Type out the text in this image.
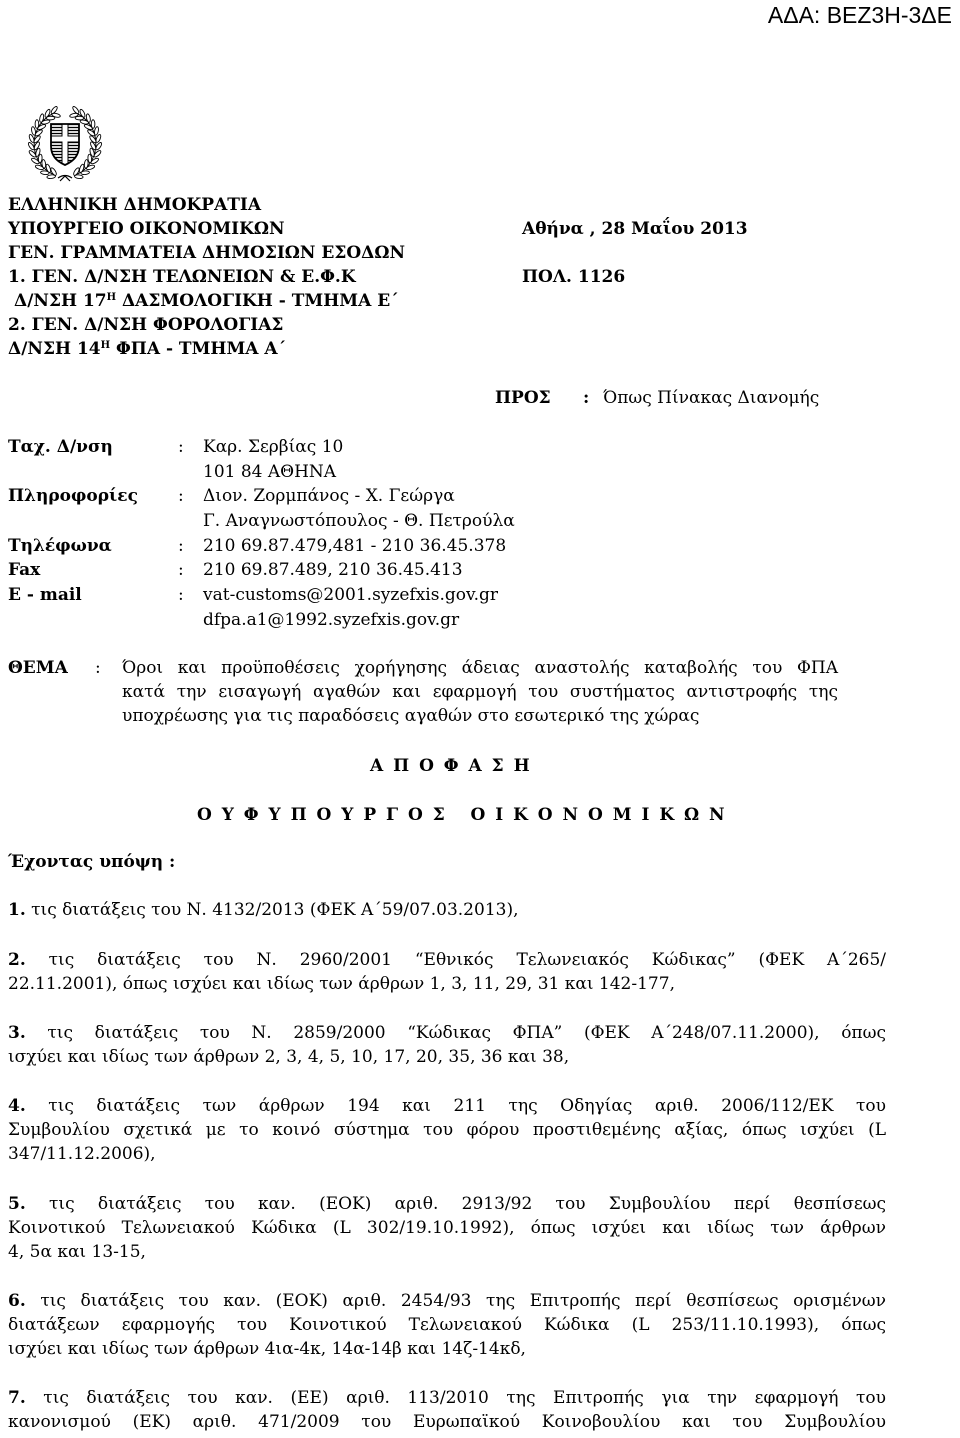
ΑΔΑ: ΒΕΖ3Η-3ΔΕ
ΕΛΛΗΝΙΚΗ ΔΗΜΟΚΡΑΤΙΑ
ΥΠΟΥΡΓΕΙΟ ΟΙΚΟΝΟΜΙΚΩΝ
ΓΕΝ. ΓΡΑΜΜΑΤΕΙΑ ΔΗΜΟΣΙΩΝ ΕΣΟΔΩΝ
1. ΓΕΝ. Δ/ΝΣΗ ΤΕΛΩΝΕΙΩΝ & Ε.Φ.Κ
Δ/ΝΣΗ $17^H$ ΔΑΣΜΟΛΟΓΙΚΗ - ΤΜΗΜΑ Ε΄
2. ΓΕΝ. Δ/ΝΣΗ ΦΟΡΟΛΟΓΙΑΣ
Δ/ΝΣΗ $14^H$ ΦΠΑ - ΤΜΗΜΑ Α΄
Αθήνα , 28 Μαΐου 2013
ΠΟΛ. 1126
ΠΡΟΣ : Όπως Πίνακας Διανομής
Ταχ. Δ/νση	:	Καρ. Σερβίας 10
101 84 ΑΘΗΝΑ
Πληροφορίες	:	Διον. Ζορμπάνος - Χ. Γεώργα
Γ. Αναγνωστόπουλος - Θ. Πετρούλα
Τηλέφωνα	:	210 69.87.479,481 - 210 36.45.378
Fax	:	210 69.87.489, 210 36.45.413
E - mail	:	vat-customs@2001.syzefxis.gov.gr
dfpa.a1@1992.syzefxis.gov.gr
ΘΕΜΑ : Όροι και προϋποθέσεις χορήγησης άδειας αναστολής καταβολής του ΦΠΑ
κατά την εισαγωγή αγαθών και εφαρμογή του συστήματος αντιστροφής της
υποχρέωσης για τις παραδόσεις αγαθών στο εσωτερικό της χώρας
Α Π Ο Φ Α Σ Η
Ο Υ Φ Υ Π Ο Υ Ρ Γ Ο Σ   Ο Ι Κ Ο Ν Ο Μ Ι Κ Ω Ν
Έχοντας υπόψη :
1. τις διατάξεις του Ν. 4132/2013 (ΦΕΚ Α΄59/07.03.2013),
2. τις διατάξεις του Ν. 2960/2001 “Εθνικός Τελωνειακός Κώδικας” (ΦΕΚ Α΄265/
22.11.2001), όπως ισχύει και ιδίως των άρθρων 1, 3, 11, 29, 31 και 142-177,
3. τις διατάξεις του Ν. 2859/2000 “Κώδικας ΦΠΑ” (ΦΕΚ Α΄248/07.11.2000), όπως
ισχύει και ιδίως των άρθρων 2, 3, 4, 5, 10, 17, 20, 35, 36 και 38,
4. τις διατάξεις των άρθρων 194 και 211 της Οδηγίας αριθ. 2006/112/ΕΚ του
Συμβουλίου σχετικά με το κοινό σύστημα του φόρου προστιθεμένης αξίας, όπως ισχύει (L
347/11.12.2006),
5. τις διατάξεις του καν. (ΕΟΚ) αριθ. 2913/92 του Συμβουλίου περί θεσπίσεως
Κοινοτικού Τελωνειακού Κώδικα (L 302/19.10.1992), όπως ισχύει και ιδίως των άρθρων
4, 5α και 13-15,
6. τις διατάξεις του καν. (ΕΟΚ) αριθ. 2454/93 της Επιτροπής περί θεσπίσεως ορισμένων
διατάξεων εφαρμογής του Κοινοτικού Τελωνειακού Κώδικα (L 253/11.10.1993), όπως
ισχύει και ιδίως των άρθρων 4ια-4κ, 14α-14β και 14ζ-14κδ,
7. τις διατάξεις του καν. (ΕΕ) αριθ. 113/2010 της Επιτροπής για την εφαρμογή του
κανονισμού (ΕΚ) αριθ. 471/2009 του Ευρωπαϊκού Κοινοβουλίου και του Συμβουλίου
